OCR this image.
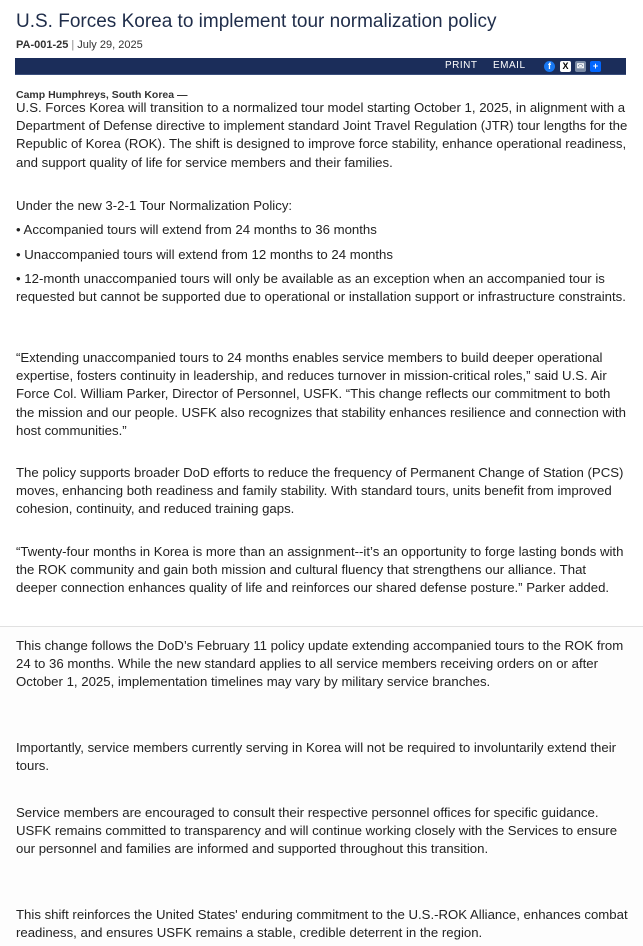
U.S. Forces Korea to implement tour normalization policy
PA-001-25 | July 29, 2025
PRINT EMAIL	f	X ✉ +
Camp Humphreys, South Korea —
U.S. Forces Korea will transition to a normalized tour model starting October 1, 2025, in alignment with a Department of Defense directive to implement standard Joint Travel Regulation (JTR) tour lengths for the Republic of Korea (ROK). The shift is designed to improve force stability, enhance operational readiness, and support quality of life for service members and their families.
Under the new 3-2-1 Tour Normalization Policy:
• Accompanied tours will extend from 24 months to 36 months
• Unaccompanied tours will extend from 12 months to 24 months
• 12-month unaccompanied tours will only be available as an exception when an accompanied tour is requested but cannot be supported due to operational or installation support or infrastructure constraints.
“Extending unaccompanied tours to 24 months enables service members to build deeper operational expertise, fosters continuity in leadership, and reduces turnover in mission-critical roles,” said U.S. Air Force Col. William Parker, Director of Personnel, USFK. “This change reflects our commitment to both the mission and our people. USFK also recognizes that stability enhances resilience and connection with host communities.”
The policy supports broader DoD efforts to reduce the frequency of Permanent Change of Station (PCS) moves, enhancing both readiness and family stability. With standard tours, units benefit from improved cohesion, continuity, and reduced training gaps.
“Twenty-four months in Korea is more than an assignment--it’s an opportunity to forge lasting bonds with the ROK community and gain both mission and cultural fluency that strengthens our alliance. That deeper connection enhances quality of life and reinforces our shared defense posture.” Parker added.
This change follows the DoD’s February 11 policy update extending accompanied tours to the ROK from 24 to 36 months. While the new standard applies to all service members receiving orders on or after October 1, 2025, implementation timelines may vary by military service branches.
Importantly, service members currently serving in Korea will not be required to involuntarily extend their tours.
Service members are encouraged to consult their respective personnel offices for specific guidance. USFK remains committed to transparency and will continue working closely with the Services to ensure our personnel and families are informed and supported throughout this transition.
This shift reinforces the United States' enduring commitment to the U.S.-ROK Alliance, enhances combat readiness, and ensures USFK remains a stable, credible deterrent in the region.
